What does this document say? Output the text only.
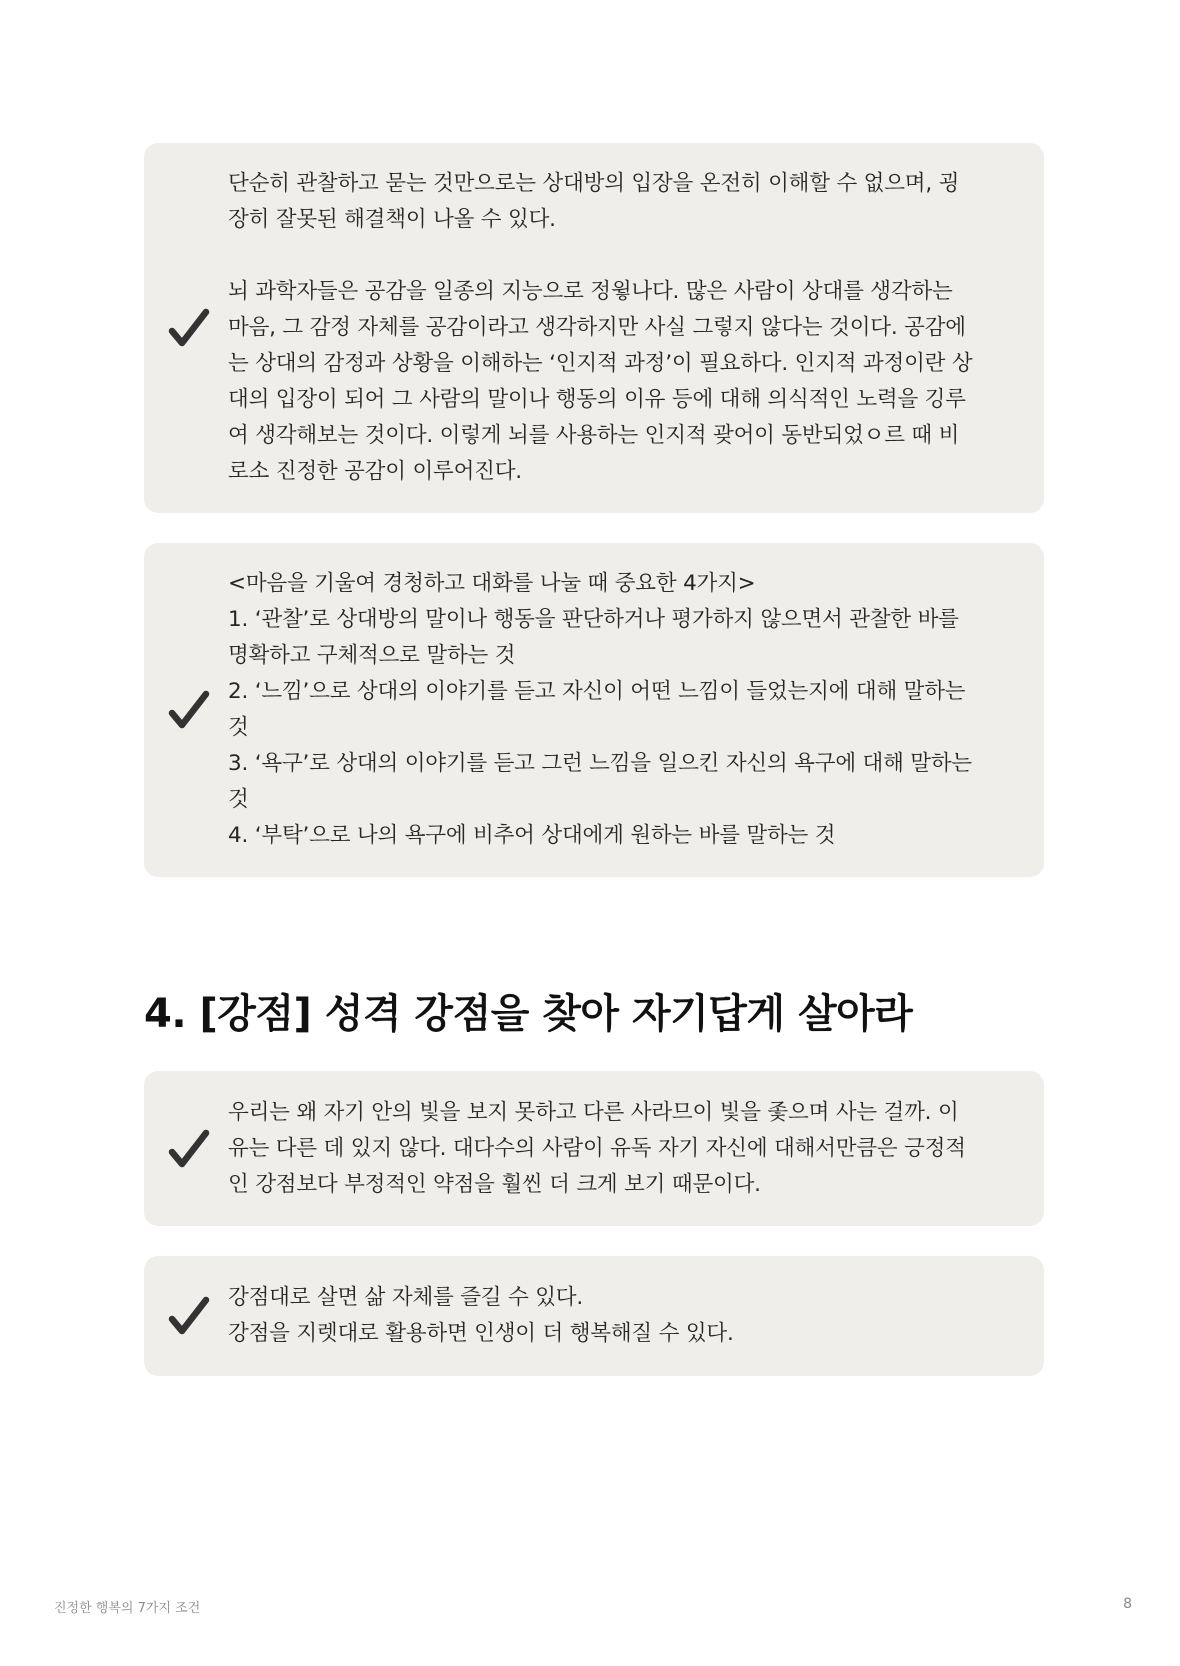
단순히 관찰하고 묻는 것만으로는 상대방의 입장을 온전히 이해할 수 없으며, 굉
장히 잘못된 해결책이 나올 수 있다.

뇌 과학자들은 공감을 일종의 지능으로 정윟나다. 많은 사람이 상대를 생각하는
마음, 그 감정 자체를 공감이라고 생각하지만 사실 그렇지 않다는 것이다. 공감에
는 상대의 감정과 상황을 이해하는 ‘인지적 과정’이 필요하다. 인지적 과정이란 상
대의 입장이 되어 그 사람의 말이나 행동의 이유 등에 대해 의식적인 노력을 깅루
여 생각해보는 것이다. 이렇게 뇌를 사용하는 인지적 괒어이 동반되었ㅇ르 때 비
로소 진정한 공감이 이루어진다.

<마음을 기울여 경청하고 대화를 나눌 때 중요한 4가지>
1. ‘관찰’로 상대방의 말이나 행동을 판단하거나 평가하지 않으면서 관찰한 바를
명확하고 구체적으로 말하는 것
2. ‘느낌’으로 상대의 이야기를 듣고 자신이 어떤 느낌이 들었는지에 대해 말하는
것
3. ‘욕구’로 상대의 이야기를 듣고 그런 느낌을 일으킨 자신의 욕구에 대해 말하는
것
4. ‘부탁’으로 나의 욕구에 비추어 상대에게 원하는 바를 말하는 것

4. [강점] 성격 강점을 찾아 자기답게 살아라

우리는 왜 자기 안의 빛을 보지 못하고 다른 사라므이 빛을 좇으며 사는 걸까. 이
유는 다른 데 있지 않다. 대다수의 사람이 유독 자기 자신에 대해서만큼은 긍정적
인 강점보다 부정적인 약점을 훨씬 더 크게 보기 때문이다.

강점대로 살면 삶 자체를 즐길 수 있다.
강점을 지렛대로 활용하면 인생이 더 행복해질 수 있다.

진정한 행복의 7가지 조건	8
